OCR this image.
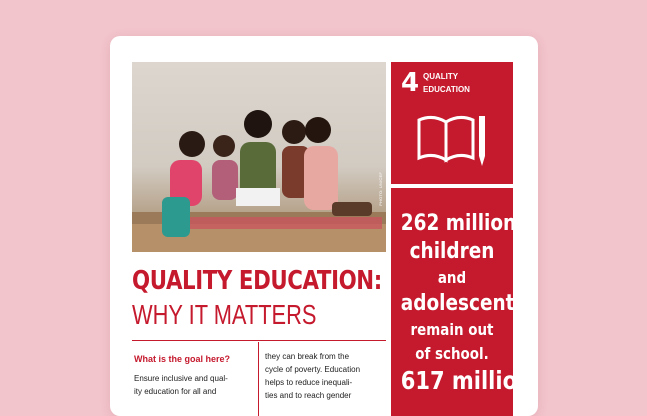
PHOTO: UNICEF
4 QUALITY
EDUCATION
QUALITY EDUCATION:
WHY IT MATTERS
What is the goal here?
Ensure inclusive and qual-
ity education for all and
they can break from the
cycle of poverty. Education
helps to reduce inequali-
ties and to reach gender
262 million
children
and
adolescents
remain out
of school.
617 million
